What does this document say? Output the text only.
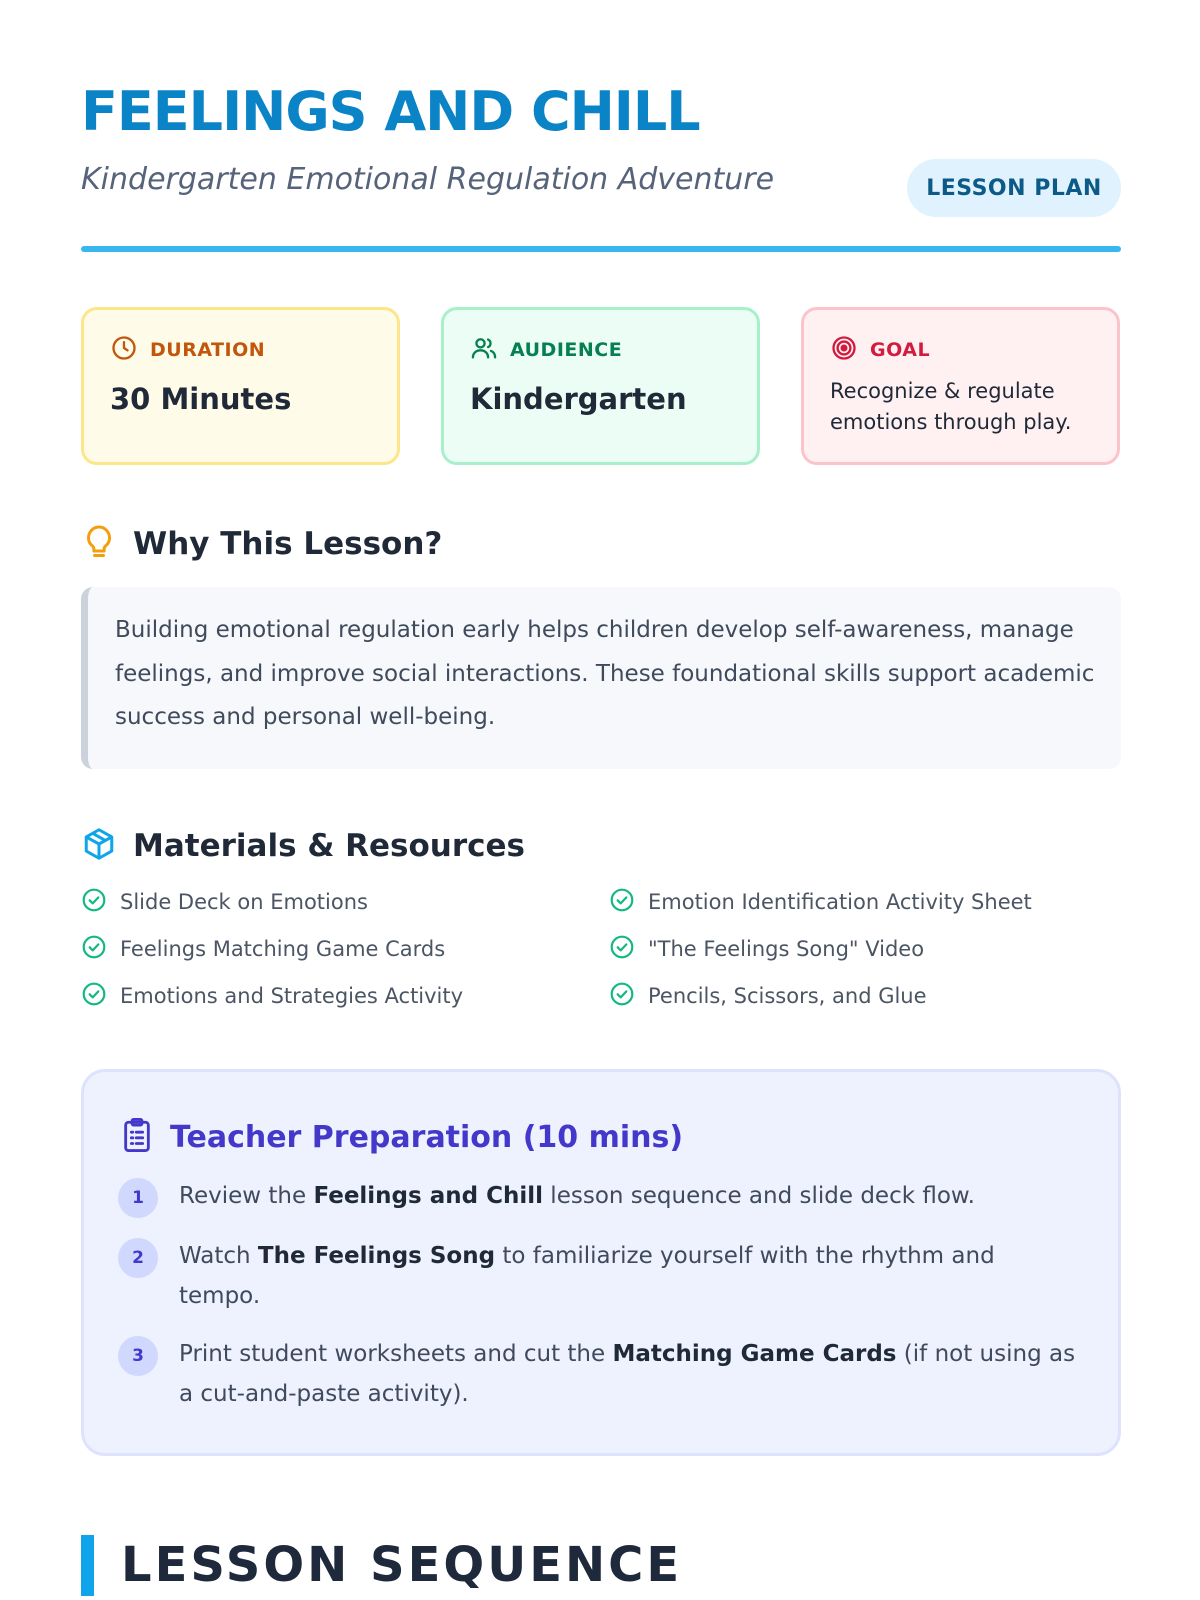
FEELINGS AND CHILL
Kindergarten Emotional Regulation Adventure	LESSON PLAN
DURATION
30 Minutes
AUDIENCE
Kindergarten
GOAL
Recognize & regulate emotions through play.
Why This Lesson?

Building emotional regulation early helps children develop self-awareness, manage feelings, and improve social interactions. These foundational skills support academic success and personal well-being.

Materials & Resources
Slide Deck on Emotions	Emotion Identification Activity Sheet
Feelings Matching Game Cards	"The Feelings Song" Video
Emotions and Strategies Activity	Pencils, Scissors, and Glue
Teacher Preparation (10 mins)
1	Review the Feelings and Chill lesson sequence and slide deck flow.
2	Watch The Feelings Song to familiarize yourself with the rhythm and tempo.
3	Print student worksheets and cut the Matching Game Cards (if not using as a cut-and-paste activity).
LESSON SEQUENCE
